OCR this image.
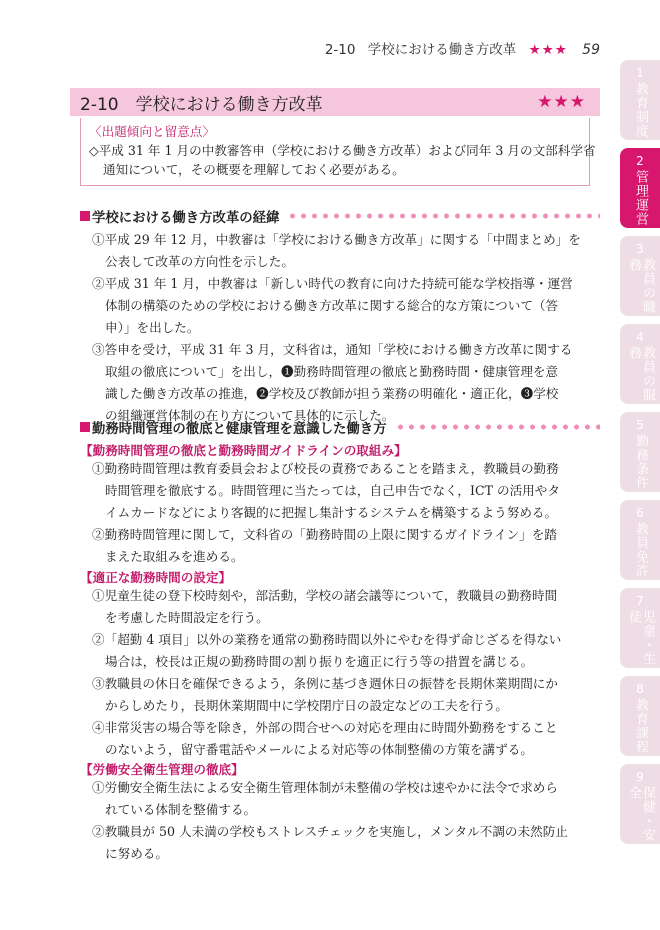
2-10 学校における働き方改革 ★★★ 59
2-10　学校における働き方改革	★★★
〈出題傾向と留意点〉
◇平成 31 年 1 月の中教審答申（学校における働き方改革）および同年 3 月の文部科学省
通知について，その概要を理解しておく必要がある。
学校における働き方改革の経緯
①平成 29 年 12 月，中教審は「学校における働き方改革」に関する「中間まとめ」を
公表して改革の方向性を示した。
②平成 31 年 1 月，中教審は「新しい時代の教育に向けた持続可能な学校指導・運営
体制の構築のための学校における働き方改革に関する総合的な方策について（答
申）」を出した。
③答申を受け，平成 31 年 3 月，文科省は，通知「学校における働き方改革に関する
取組の徹底について」を出し，❶勤務時間管理の徹底と勤務時間・健康管理を意
識した働き方改革の推進，❷学校及び教師が担う業務の明確化・適正化，❸学校
の組織運営体制の在り方について具体的に示した。
勤務時間管理の徹底と健康管理を意識した働き方
【勤務時間管理の徹底と勤務時間ガイドラインの取組み】
①勤務時間管理は教育委員会および校長の責務であることを踏まえ，教職員の勤務
時間管理を徹底する。時間管理に当たっては，自己申告でなく，ICT の活用やタ
イムカードなどにより客観的に把握し集計するシステムを構築するよう努める。
②勤務時間管理に関して，文科省の「勤務時間の上限に関するガイドライン」を踏
まえた取組みを進める。
【適正な勤務時間の設定】
①児童生徒の登下校時刻や，部活動，学校の諸会議等について，教職員の勤務時間
を考慮した時間設定を行う。
②「超勤 4 項目」以外の業務を通常の勤務時間以外にやむを得ず命じざるを得ない
場合は，校長は正規の勤務時間の割り振りを適正に行う等の措置を講じる。
③教職員の休日を確保できるよう，条例に基づき週休日の振替を長期休業期間にか
からしめたり，長期休業期間中に学校閉庁日の設定などの工夫を行う。
④非常災害の場合等を除き，外部の問合せへの対応を理由に時間外勤務をすること
のないよう，留守番電話やメールによる対応等の体制整備の方策を講ずる。
【労働安全衛生管理の徹底】
①労働安全衛生法による安全衛生管理体制が未整備の学校は速やかに法令で求めら
れている体制を整備する。
②教職員が 50 人未満の学校もストレスチェックを実施し，メンタル不調の未然防止
に努める。
1
教育制度
2
管理運営
3
教員の職務
4
教員の服務
5
勤務条件
6
教員免許
7
児童・生徒
8
教育課程
9
保健・安全
